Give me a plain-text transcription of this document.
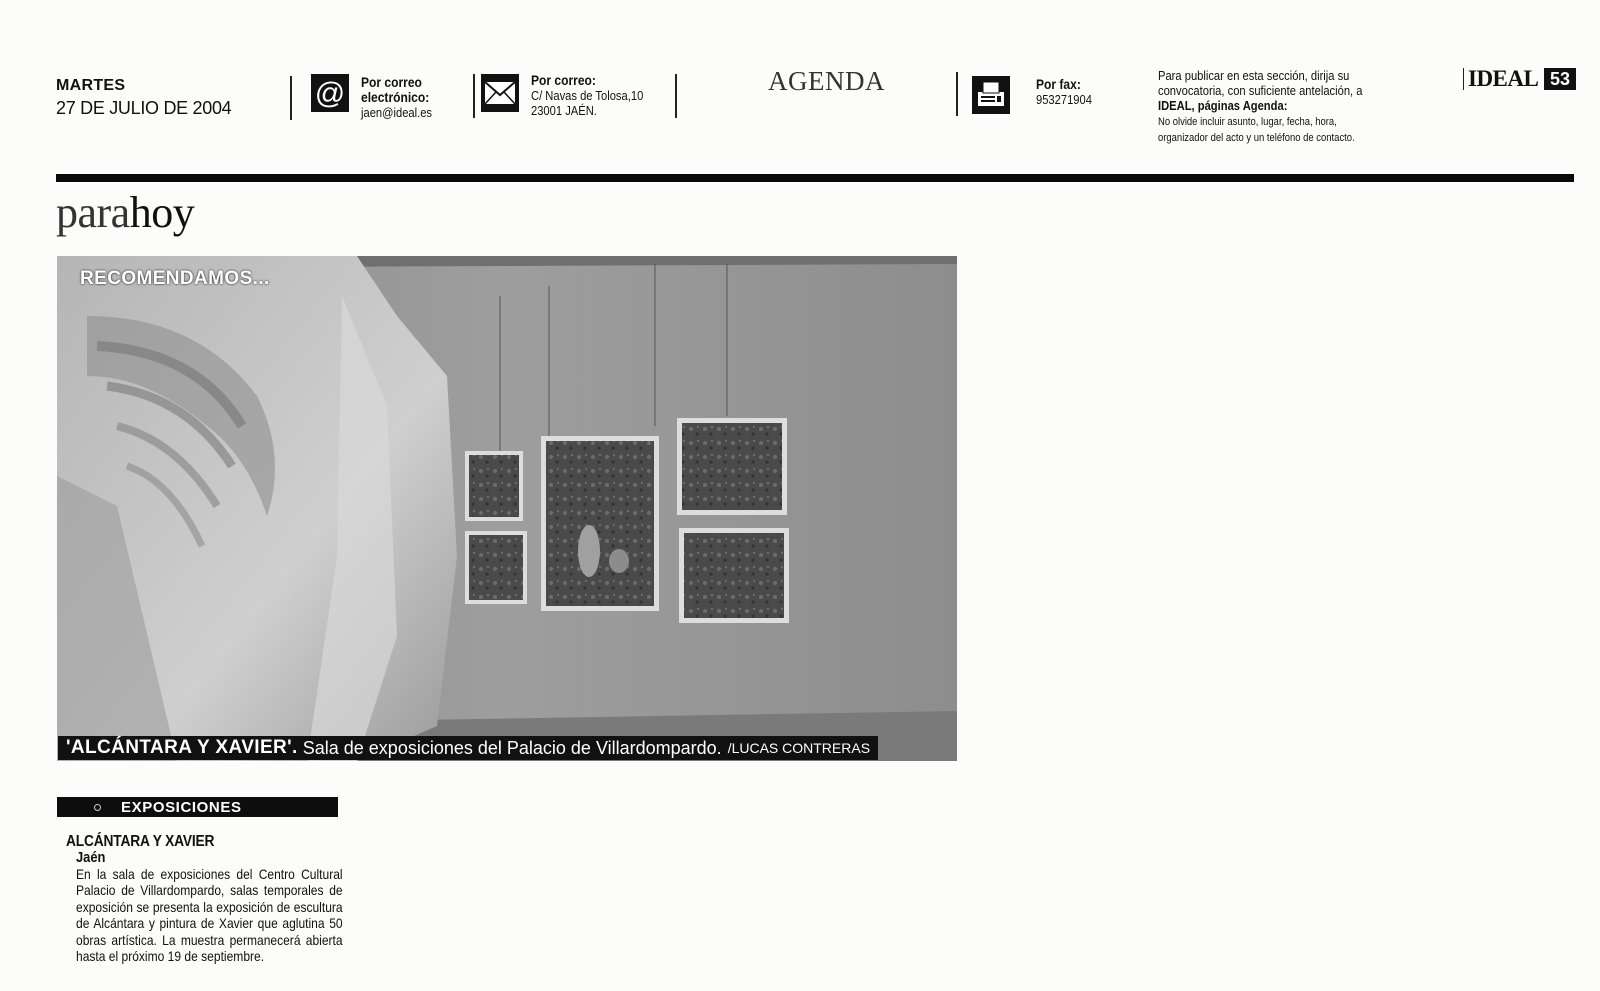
MARTES
27 DE JULIO DE 2004	@ Por correo
electrónico:
jaen@ideal.es
Por correo:
C/ Navas de Tolosa,10
23001 JAÉN.
AGENDA	Por fax:
953271904
Para publicar en esta sección, dirija su
convocatoria, con suficiente antelación, a
IDEAL, páginas Agenda:
No olvide incluir asunto, lugar, fecha, hora,
organizador del acto y un teléfono de contacto.
IDEAL 53
parahoy
RECOMENDAMOS...
'ALCÁNTARA Y XAVIER'.
Sala de exposiciones del Palacio de Villardompardo. /LUCAS CONTRERAS
EXPOSICIONES
ALCÁNTARA Y XAVIER
Jaén
En la sala de exposiciones del Centro Cultural Palacio de Villardompardo, salas temporales de exposición se presenta la exposición de escultura de Alcántara y pintura de Xavier que aglutina 50 obras artística. La muestra permanecerá abierta hasta el próximo 19 de septiembre.
